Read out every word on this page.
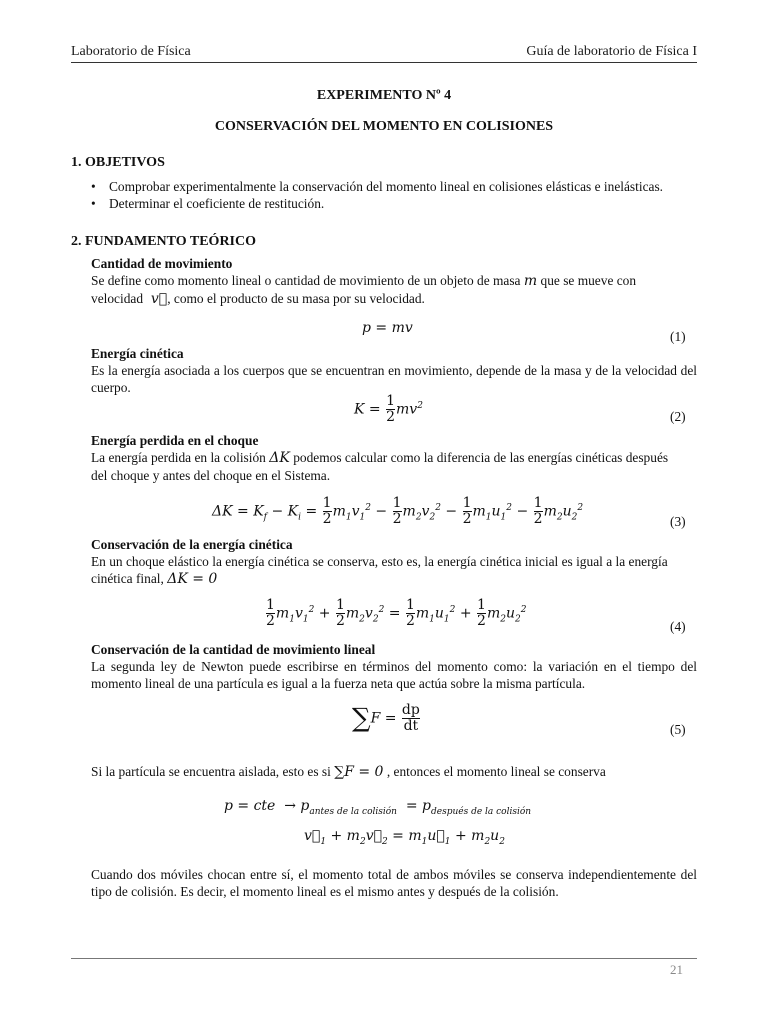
Laboratorio de Física	Guía de laboratorio de Física I
EXPERIMENTO Nº 4
CONSERVACIÓN DEL MOMENTO EN COLISIONES
1. OBJETIVOS
• Comprobar experimentalmente la conservación del momento lineal en colisiones elásticas e inelásticas.
• Determinar el coeficiente de restitución.
2. FUNDAMENTO TEÓRICO
Cantidad de movimiento
Se define como momento lineal o cantidad de movimiento de un objeto de masa m que se mueve con
velocidad  v⃗, como el producto de su masa por su velocidad.
p = mv
(1)
Energía cinética
Es la energía asociada a los cuerpos que se encuentran en movimiento, depende de la masa y de la velocidad del cuerpo.
$K = \frac{1}{2} mv^2$
(2)
Energía perdida en el choque
La energía perdida en la colisión ΔK podemos calcular como la diferencia de las energías cinéticas después
del choque y antes del choque en el Sistema.
$\Delta K = K_f - K_i = \frac{1}{2} m_1v_1^2 - \frac{1}{2} m_2v_2^2 - \frac{1}{2} m_1u_1^2 - \frac{1}{2} m_2u_2^2$
(3)
Conservación de la energía cinética
En un choque elástico la energía cinética se conserva, esto es, la energía cinética inicial es igual a la energía
cinética final, ΔK = 0
$\frac{1}{2} m_1v_1^2 + \frac{1}{2} m_2v_2^2 = \frac{1}{2} m_1u_1^2 + \frac{1}{2} m_2u_2^2$
(4)
Conservación de la cantidad de movimiento lineal
La segunda ley de Newton puede escribirse en términos del momento como: la variación en el tiempo del momento lineal de una partícula es igual a la fuerza neta que actúa sobre la misma partícula.
$\sum F = \frac{dp}{dt}$	(5)
Si la partícula se encuentra aislada, esto es si ∑F = 0 , entonces el momento lineal se conserva
p = cte  → $p_{antes de la colisión} = p_{después de la colisión}$
$v⃗_1$ + $m_2v⃗_2$ = $m_1u⃗_1 + m_2u_2$
Cuando dos móviles chocan entre sí, el momento total de ambos móviles se conserva independientemente del tipo de colisión. Es decir, el momento lineal es el mismo antes y después de la colisión.
21
